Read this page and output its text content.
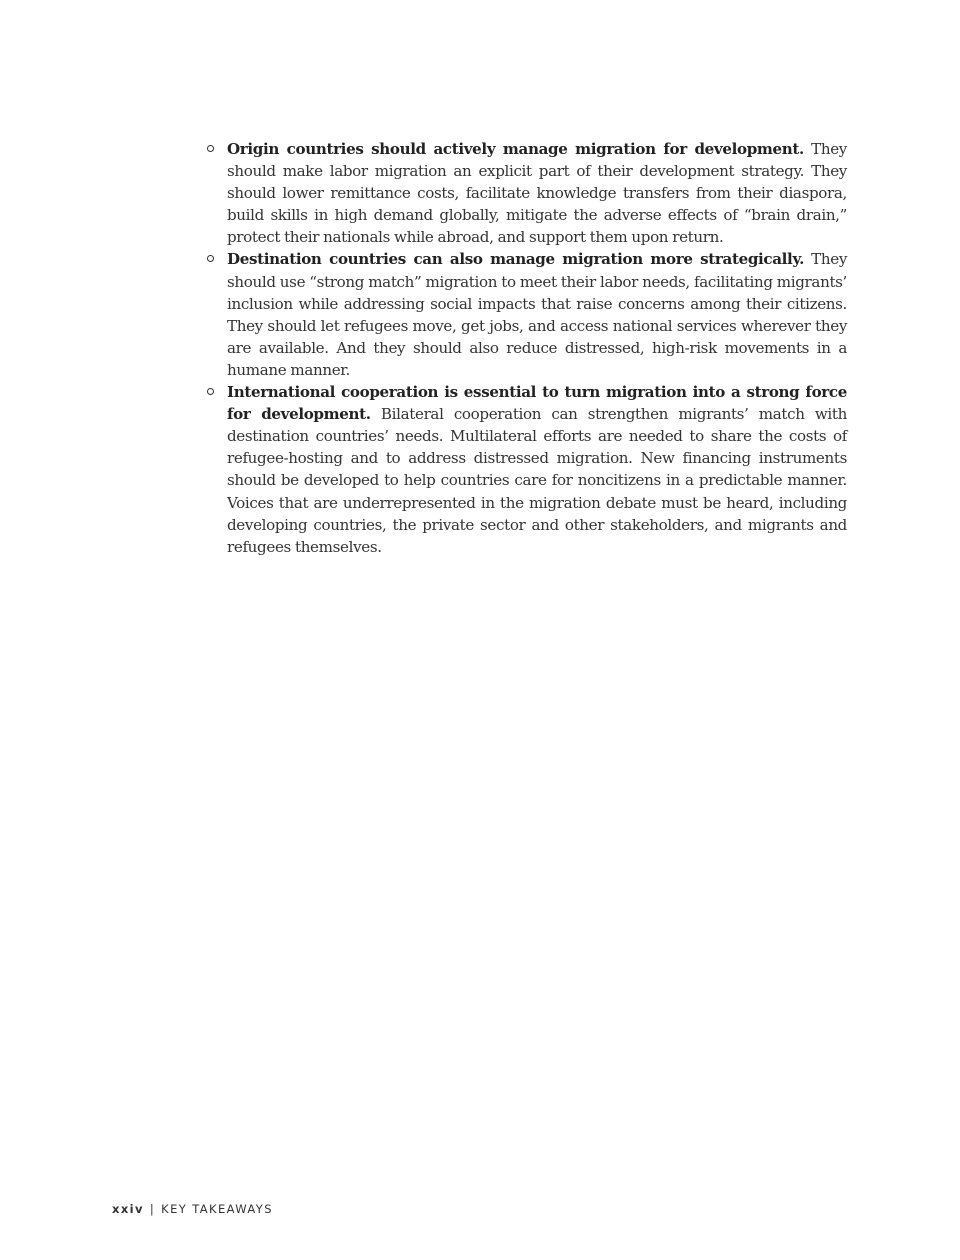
Origin countries should actively manage migration for development. They should make labor migration an explicit part of their development strategy. They should lower remittance costs, facilitate knowledge transfers from their diaspora, build skills in high demand globally, mitigate the adverse effects of “brain drain,” protect their nationals while abroad, and support them upon return.
Destination countries can also manage migration more strategically. They should use “strong match” migration to meet their labor needs, facilitating migrants’ inclusion while addressing social impacts that raise concerns among their citizens. They should let refugees move, get jobs, and access national services wherever they are available. And they should also reduce distressed, high-risk movements in a humane manner.
International cooperation is essential to turn migration into a strong force for development. Bilateral cooperation can strengthen migrants’ match with destination countries’ needs. Multilateral efforts are needed to share the costs of refugee-hosting and to address distressed migration. New financing instruments should be developed to help countries care for noncitizens in a predictable manner. Voices that are underrepresented in the migration debate must be heard, including developing countries, the private sector and other stakeholders, and migrants and refugees themselves.
xxiv | KEY TAKEAWAYS
